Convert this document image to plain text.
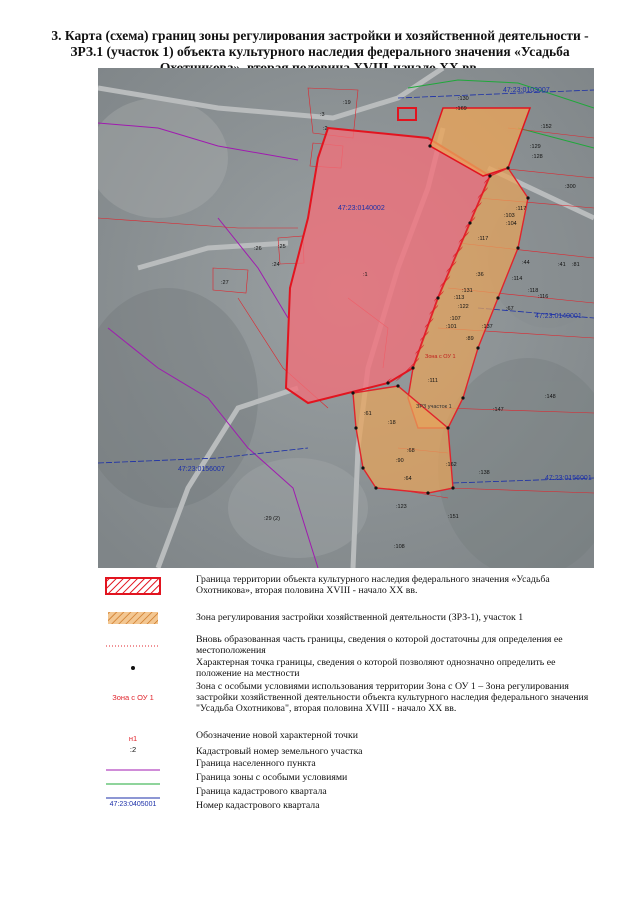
3. Карта (схема) границ зоны регулирования застройки и хозяйственной деятельности - ЗРЗ.1 (участок 1) объекта культурного наследия федерального значения «Усадьба
47:23:0103007
47:23:0140002
47:23:0140001
47:23:0156007
47:23:0156001
Зона с ОУ 1
ЗРЗ участок 1
:19
:3
:2
:26	:25
:24
:27
:1
:29 (2)
:117
:103
:104
:117
:44
:36
:114
:118
:116
:131
:113
:122	:67
:107
:101
:89
:111
:137
:147
:148
:61
:18
:68
:90
:64
:138
:123
:151
:108
:162
:169
:130
:152
:129
:128
:300
:41 :81
Граница территории объекта культурного наследия федерального значения «Усадьба Охотникова», вторая половина XVIII - начало XX вв.
Зона регулирования застройки хозяйственной деятельности (ЗРЗ-1), участок 1
Вновь образованная часть границы, сведения о которой достаточны для определения ее местоположения
Характерная точка границы, сведения о которой позволяют однозначно определить ее положение на местности
Зона с ОУ 1
Зона с особыми условиями использования территории Зона с ОУ 1 – Зона регулирования застройки хозяйственной деятельности объекта культурного наследия федерального значения "Усадьба Охотникова", вторая половина XVIII - начало XX вв.
н1	Обозначение новой характерной точки
:2	Кадастровый номер земельного участка
Граница населенного пункта
Граница зоны с особыми условиями
Граница кадастрового квартала
47:23:0405001	Номер кадастрового квартала
